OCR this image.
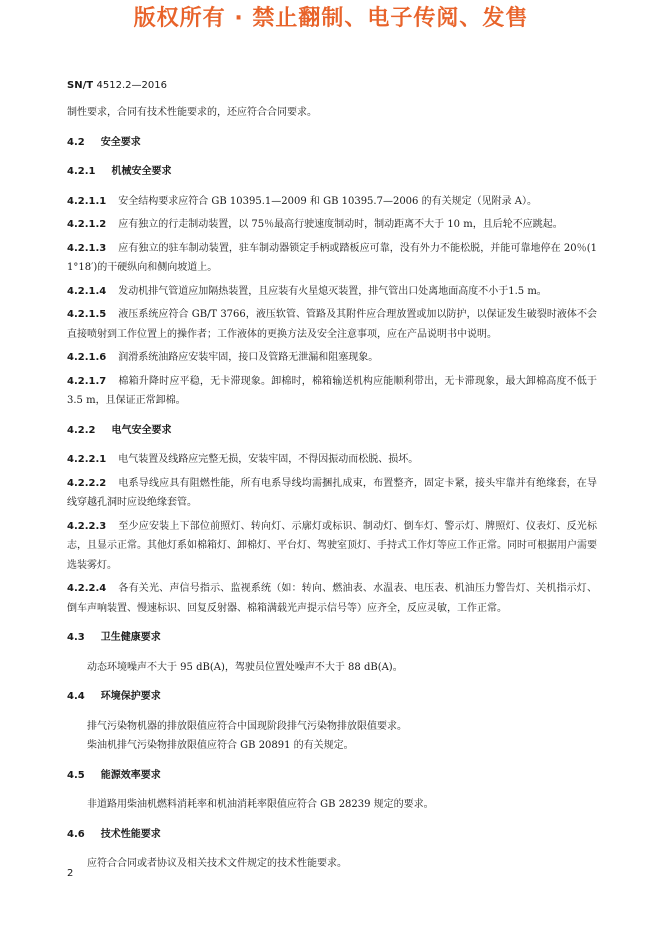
版权所有 · 禁止翻制、电子传阅、发售
SN/T 4512.2—2016

制性要求，合同有技术性能要求的，还应符合合同要求。

4.2 安全要求

4.2.1 机械安全要求

4.2.1.1 安全结构要求应符合 GB 10395.1—2009 和 GB 10395.7—2006 的有关规定（见附录 A）。

4.2.1.2 应有独立的行走制动装置，以 75％最高行驶速度制动时，制动距离不大于 10 m，且后轮不应跳起。

4.2.1.3 应有独立的驻车制动装置，驻车制动器锁定手柄或踏板应可靠，没有外力不能松脱，并能可靠地停在 20％(11°18′)的干硬纵向和侧向坡道上。

4.2.1.4 发动机排气管道应加隔热装置，且应装有火星熄灭装置，排气管出口处离地面高度不小于1.5 m。

4.2.1.5 液压系统应符合 GB/T 3766，液压软管、管路及其附件应合理放置或加以防护，以保证发生破裂时液体不会直接喷射到工作位置上的操作者；工作液体的更换方法及安全注意事项，应在产品说明书中说明。

4.2.1.6 润滑系统油路应安装牢固，接口及管路无泄漏和阻塞现象。

4.2.1.7 棉箱升降时应平稳，无卡滞现象。卸棉时，棉箱输送机构应能顺利带出，无卡滞现象，最大卸棉高度不低于 3.5 m，且保证正常卸棉。

4.2.2 电气安全要求

4.2.2.1 电气装置及线路应完整无损，安装牢固，不得因振动而松脱、损坏。

4.2.2.2 电系导线应具有阻燃性能，所有电系导线均需捆扎成束，布置整齐，固定卡紧，接头牢靠并有绝缘套，在导线穿越孔洞时应设绝缘套管。

4.2.2.3 至少应安装上下部位前照灯、转向灯、示廓灯或标识、制动灯、倒车灯、警示灯、牌照灯、仪表灯、反光标志，且显示正常。其他灯系如棉箱灯、卸棉灯、平台灯、驾驶室顶灯、手持式工作灯等应工作正常。同时可根据用户需要选装雾灯。

4.2.2.4 各有关光、声信号指示、监视系统（如：转向、燃油表、水温表、电压表、机油压力警告灯、关机指示灯、倒车声响装置、慢速标识、回复反射器、棉箱满载光声提示信号等）应齐全，反应灵敏，工作正常。

4.3 卫生健康要求

动态环境噪声不大于 95 dB(A)，驾驶员位置处噪声不大于 88 dB(A)。

4.4 环境保护要求

排气污染物机器的排放限值应符合中国现阶段排气污染物排放限值要求。

柴油机排气污染物排放限值应符合 GB 20891 的有关规定。

4.5 能源效率要求

非道路用柴油机燃料消耗率和机油消耗率限值应符合 GB 28239 规定的要求。

4.6 技术性能要求

应符合合同或者协议及相关技术文件规定的技术性能要求。

2
